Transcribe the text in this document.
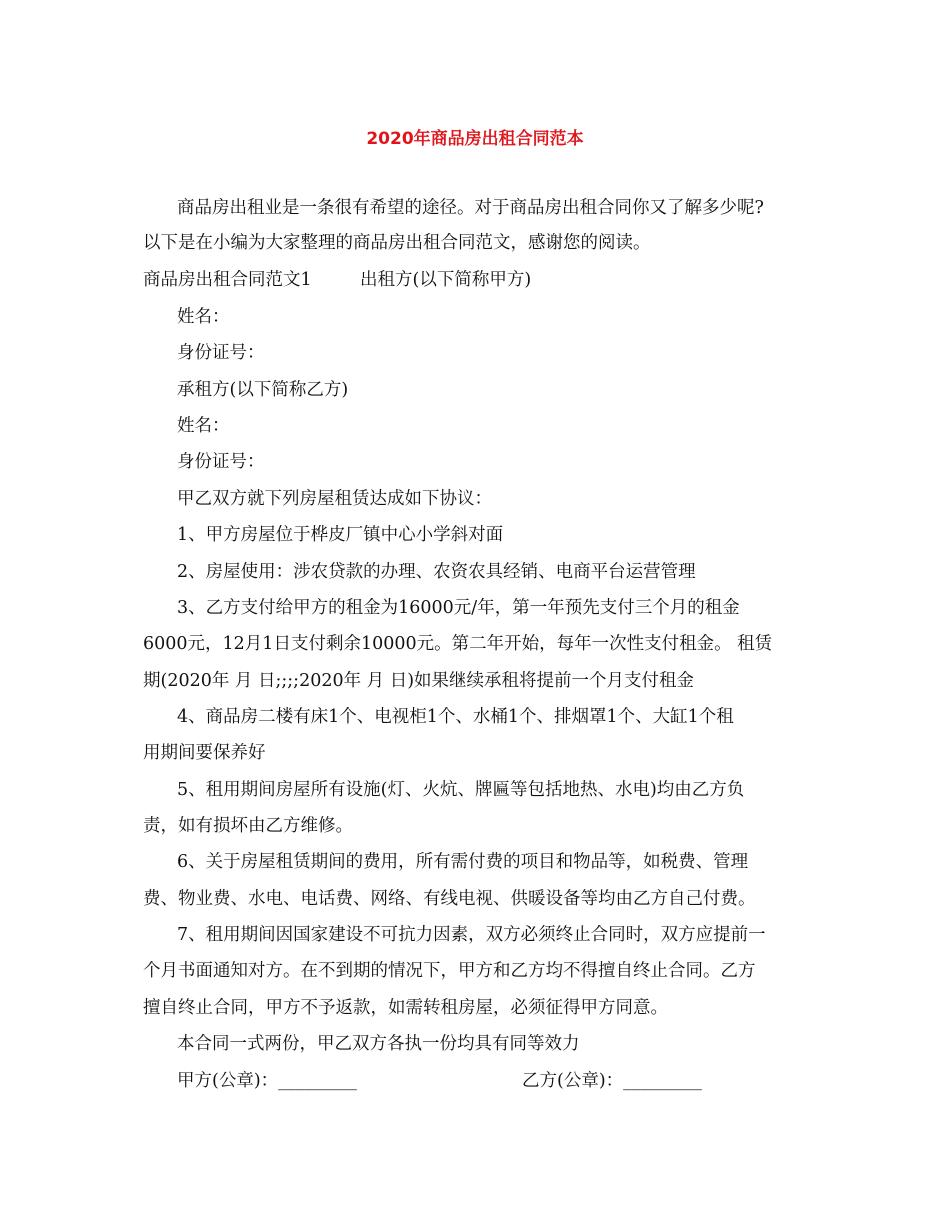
2020年商品房出租合同范本
商品房出租业是一条很有希望的途径。对于商品房出租合同你又了解多少呢?
以下是在小编为大家整理的商品房出租合同范文，感谢您的阅读。
商品房出租合同范文1	出租方(以下简称甲方)
姓名：
身份证号：
承租方(以下简称乙方)
姓名：
身份证号：
甲乙双方就下列房屋租赁达成如下协议：
1、甲方房屋位于桦皮厂镇中心小学斜对面
2、房屋使用：涉农贷款的办理、农资农具经销、电商平台运营管理
3、乙方支付给甲方的租金为16000元/年，第一年预先支付三个月的租金
6000元，12月1日支付剩余10000元。第二年开始，每年一次性支付租金。 租赁
期(2020年 月 日;;;;2020年 月 日)如果继续承租将提前一个月支付租金
4、商品房二楼有床1个、电视柜1个、水桶1个、排烟罩1个、大缸1个租
用期间要保养好
5、租用期间房屋所有设施(灯、火炕、牌匾等包括地热、水电)均由乙方负
责，如有损坏由乙方维修。
6、关于房屋租赁期间的费用，所有需付费的项目和物品等，如税费、管理
费、物业费、水电、电话费、网络、有线电视、供暖设备等均由乙方自己付费。
7、租用期间因国家建设不可抗力因素，双方必须终止合同时，双方应提前一
个月书面通知对方。在不到期的情况下，甲方和乙方均不得擅自终止合同。乙方
擅自终止合同，甲方不予返款，如需转租房屋，必须征得甲方同意。
本合同一式两份，甲乙双方各执一份均具有同等效力
甲方(公章)：_________	乙方(公章)：_________
